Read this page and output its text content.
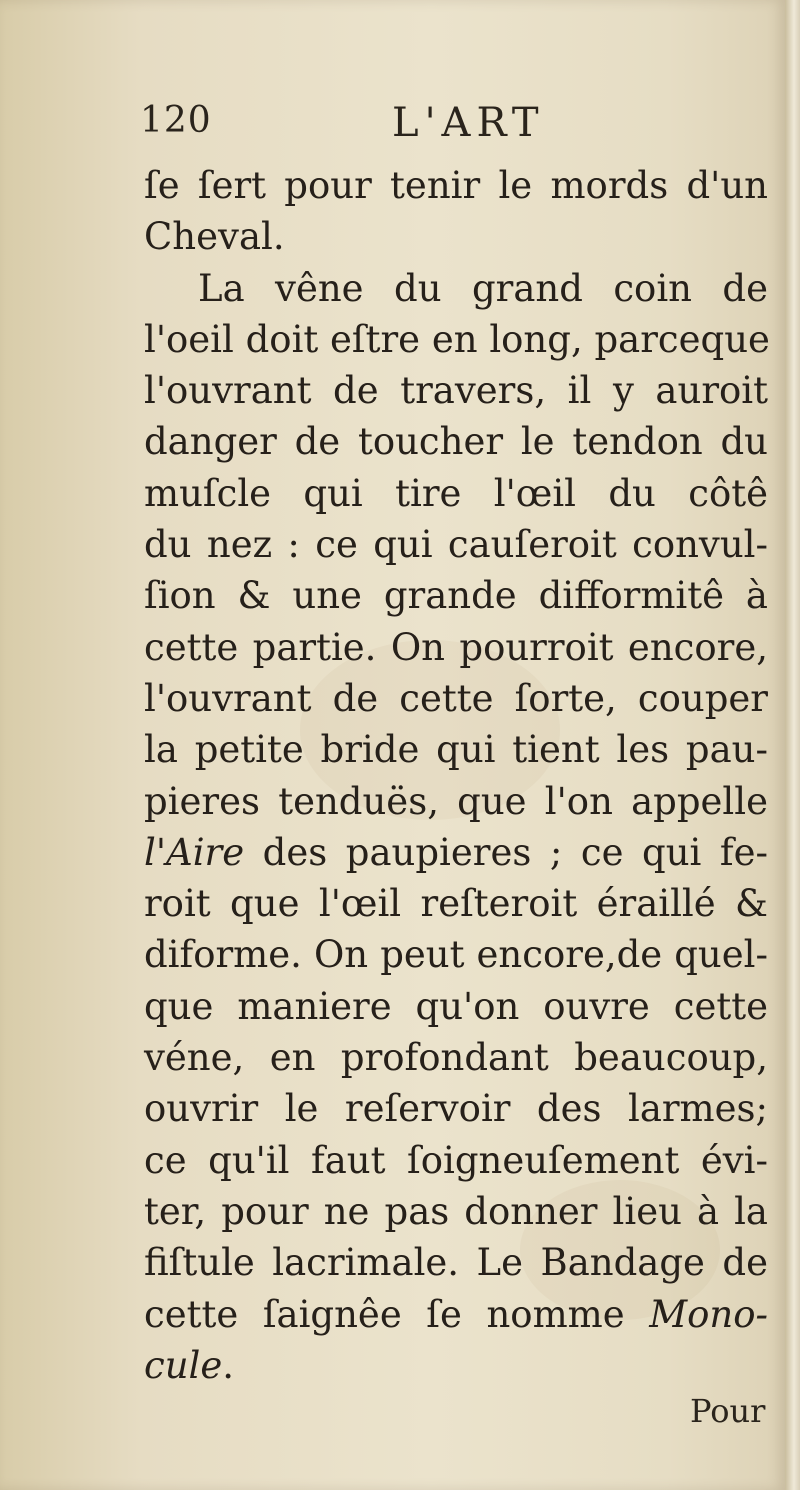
120	L'ART
ſe ſert pour tenir le mords d'un
Cheval.
La vêne du grand coin de
l'oeil doit eſtre en long, parceque
l'ouvrant de travers, il y auroit
danger de toucher le tendon du
muſcle qui tire l'œil du côtê
du nez : ce qui cauſeroit convul-
ſion & une grande difformitê à
cette partie. On pourroit encore,
l'ouvrant de cette ſorte, couper
la petite bride qui tient les pau-
pieres tenduës, que l'on appelle
l'Aire des paupieres ; ce qui fe-
roit que l'œil reſteroit éraillé &
diforme. On peut encore,de quel-
que maniere qu'on ouvre cette
véne, en profondant beaucoup,
ouvrir le reſervoir des larmes;
ce qu'il faut ſoigneuſement évi-
ter, pour ne pas donner lieu à la
fiſtule lacrimale. Le Bandage de
cette ſaignêe ſe nomme Mono-
cule.
Pour
